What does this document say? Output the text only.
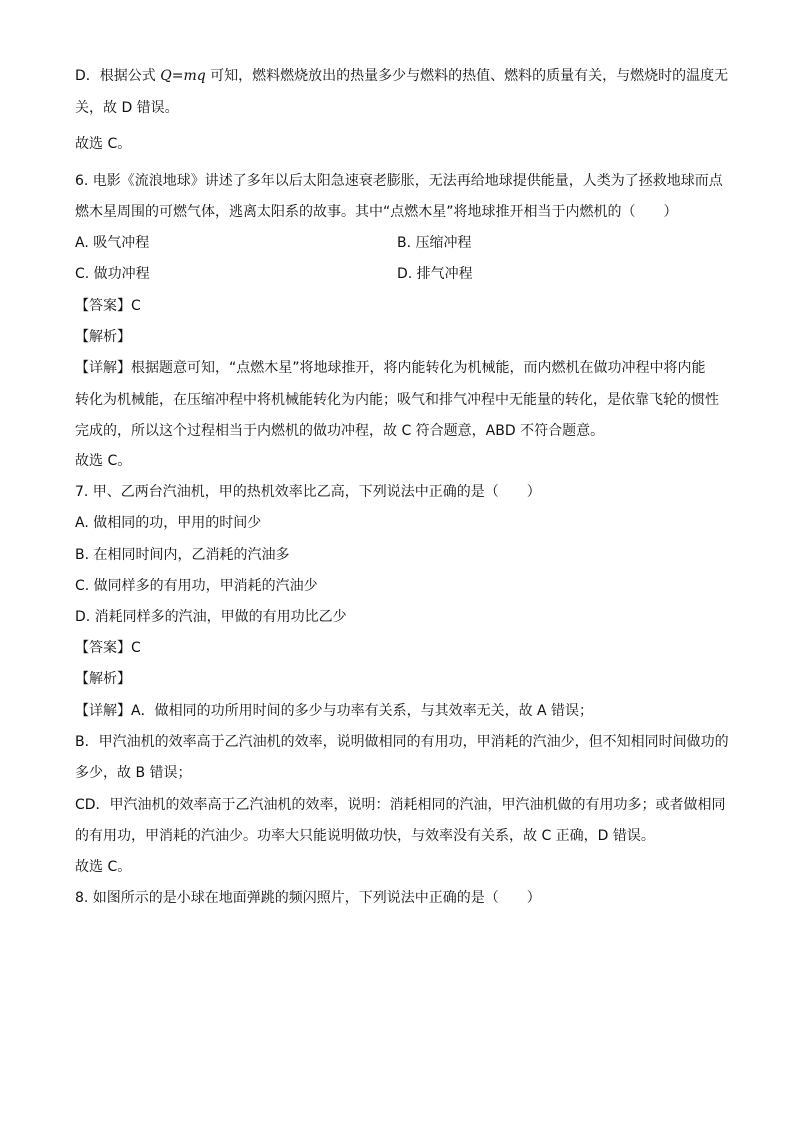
D．根据公式 Q=mq 可知，燃料燃烧放出的热量多少与燃料的热值、燃料的质量有关，与燃烧时的温度无
关，故 D 错误。
故选 C。
6. 电影《流浪地球》讲述了多年以后太阳急速衰老膨胀，无法再给地球提供能量，人类为了拯救地球而点
燃木星周围的可燃气体，逃离太阳系的故事。其中“点燃木星”将地球推开相当于内燃机的（　　）
A. 吸气冲程	B. 压缩冲程
C. 做功冲程	D. 排气冲程
【答案】C
【解析】
【详解】根据题意可知，“点燃木星”将地球推开，将内能转化为机械能，而内燃机在做功冲程中将内能
转化为机械能，在压缩冲程中将机械能转化为内能；吸气和排气冲程中无能量的转化，是依靠飞轮的惯性
完成的，所以这个过程相当于内燃机的做功冲程，故 C 符合题意，ABD 不符合题意。
故选 C。
7. 甲、乙两台汽油机，甲的热机效率比乙高，下列说法中正确的是（　　）
A. 做相同的功，甲用的时间少
B. 在相同时间内，乙消耗的汽油多
C. 做同样多的有用功，甲消耗的汽油少
D. 消耗同样多的汽油，甲做的有用功比乙少
【答案】C
【解析】
【详解】A．做相同的功所用时间的多少与功率有关系，与其效率无关，故 A 错误；
B．甲汽油机的效率高于乙汽油机的效率，说明做相同的有用功，甲消耗的汽油少，但不知相同时间做功的
多少，故 B 错误；
CD．甲汽油机的效率高于乙汽油机的效率，说明：消耗相同的汽油，甲汽油机做的有用功多；或者做相同
的有用功，甲消耗的汽油少。功率大只能说明做功快，与效率没有关系，故 C 正确，D 错误。
故选 C。
8. 如图所示的是小球在地面弹跳的频闪照片，下列说法中正确的是（　　）
